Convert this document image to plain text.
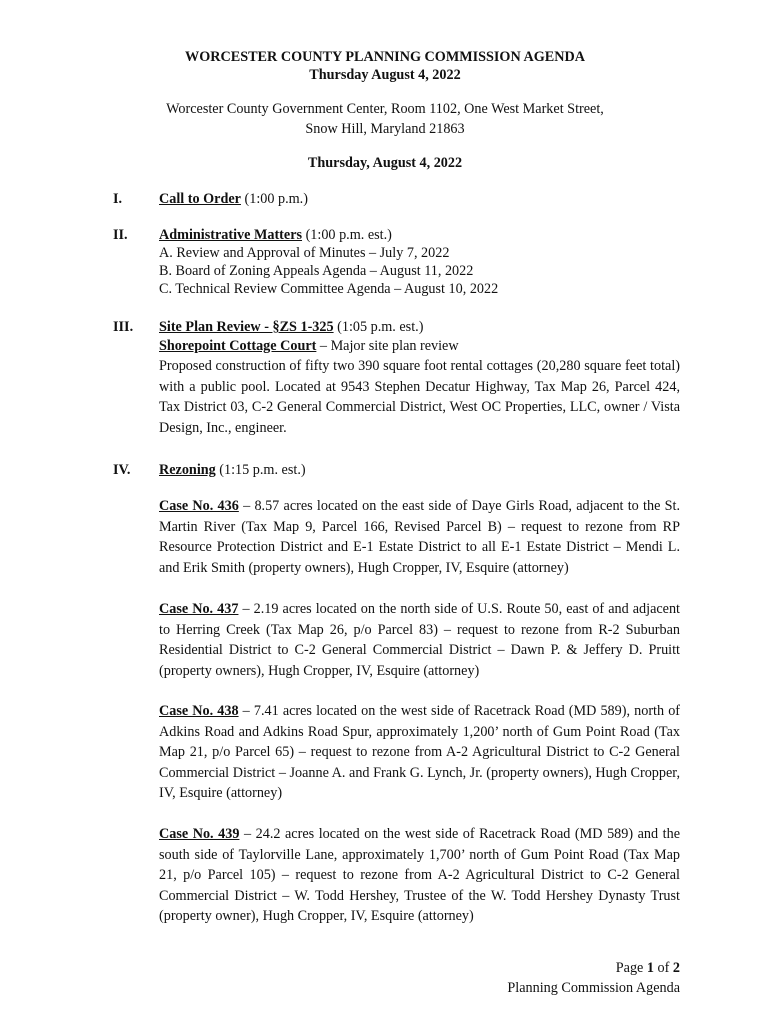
WORCESTER COUNTY PLANNING COMMISSION AGENDA
Thursday August 4, 2022
Worcester County Government Center, Room 1102, One West Market Street,
Snow Hill, Maryland 21863
Thursday, August 4, 2022
I.	Call to Order (1:00 p.m.)
II. Administrative Matters (1:00 p.m. est.)
A. Review and Approval of Minutes – July 7, 2022
B. Board of Zoning Appeals Agenda – August 11, 2022
C. Technical Review Committee Agenda – August 10, 2022
III. Site Plan Review - §ZS 1-325 (1:05 p.m. est.)
Shorepoint Cottage Court – Major site plan review

Proposed construction of fifty two 390 square foot rental cottages (20,280 square feet total) with a public pool. Located at 9543 Stephen Decatur Highway, Tax Map 26, Parcel 424, Tax District 03, C-2 General Commercial District, West OC Properties, LLC, owner / Vista Design, Inc., engineer.

IV. Rezoning (1:15 p.m. est.)

Case No. 436 – 8.57 acres located on the east side of Daye Girls Road, adjacent to the St. Martin River (Tax Map 9, Parcel 166, Revised Parcel B) – request to rezone from RP Resource Protection District and E-1 Estate District to all E-1 Estate District – Mendi L. and Erik Smith (property owners), Hugh Cropper, IV, Esquire (attorney)

Case No. 437 – 2.19 acres located on the north side of U.S. Route 50, east of and adjacent to Herring Creek (Tax Map 26, p/o Parcel 83) – request to rezone from R-2 Suburban Residential District to C-2 General Commercial District – Dawn P. & Jeffery D. Pruitt (property owners), Hugh Cropper, IV, Esquire (attorney)

Case No. 438 – 7.41 acres located on the west side of Racetrack Road (MD 589), north of Adkins Road and Adkins Road Spur, approximately 1,200’ north of Gum Point Road (Tax Map 21, p/o Parcel 65) – request to rezone from A-2 Agricultural District to C-2 General Commercial District – Joanne A. and Frank G. Lynch, Jr. (property owners), Hugh Cropper, IV, Esquire (attorney)

Case No. 439 – 24.2 acres located on the west side of Racetrack Road (MD 589) and the south side of Taylorville Lane, approximately 1,700’ north of Gum Point Road (Tax Map 21, p/o Parcel 105) – request to rezone from A-2 Agricultural District to C-2 General Commercial District – W. Todd Hershey, Trustee of the W. Todd Hershey Dynasty Trust (property owner), Hugh Cropper, IV, Esquire (attorney)

Page 1 of 2
Planning Commission Agenda
